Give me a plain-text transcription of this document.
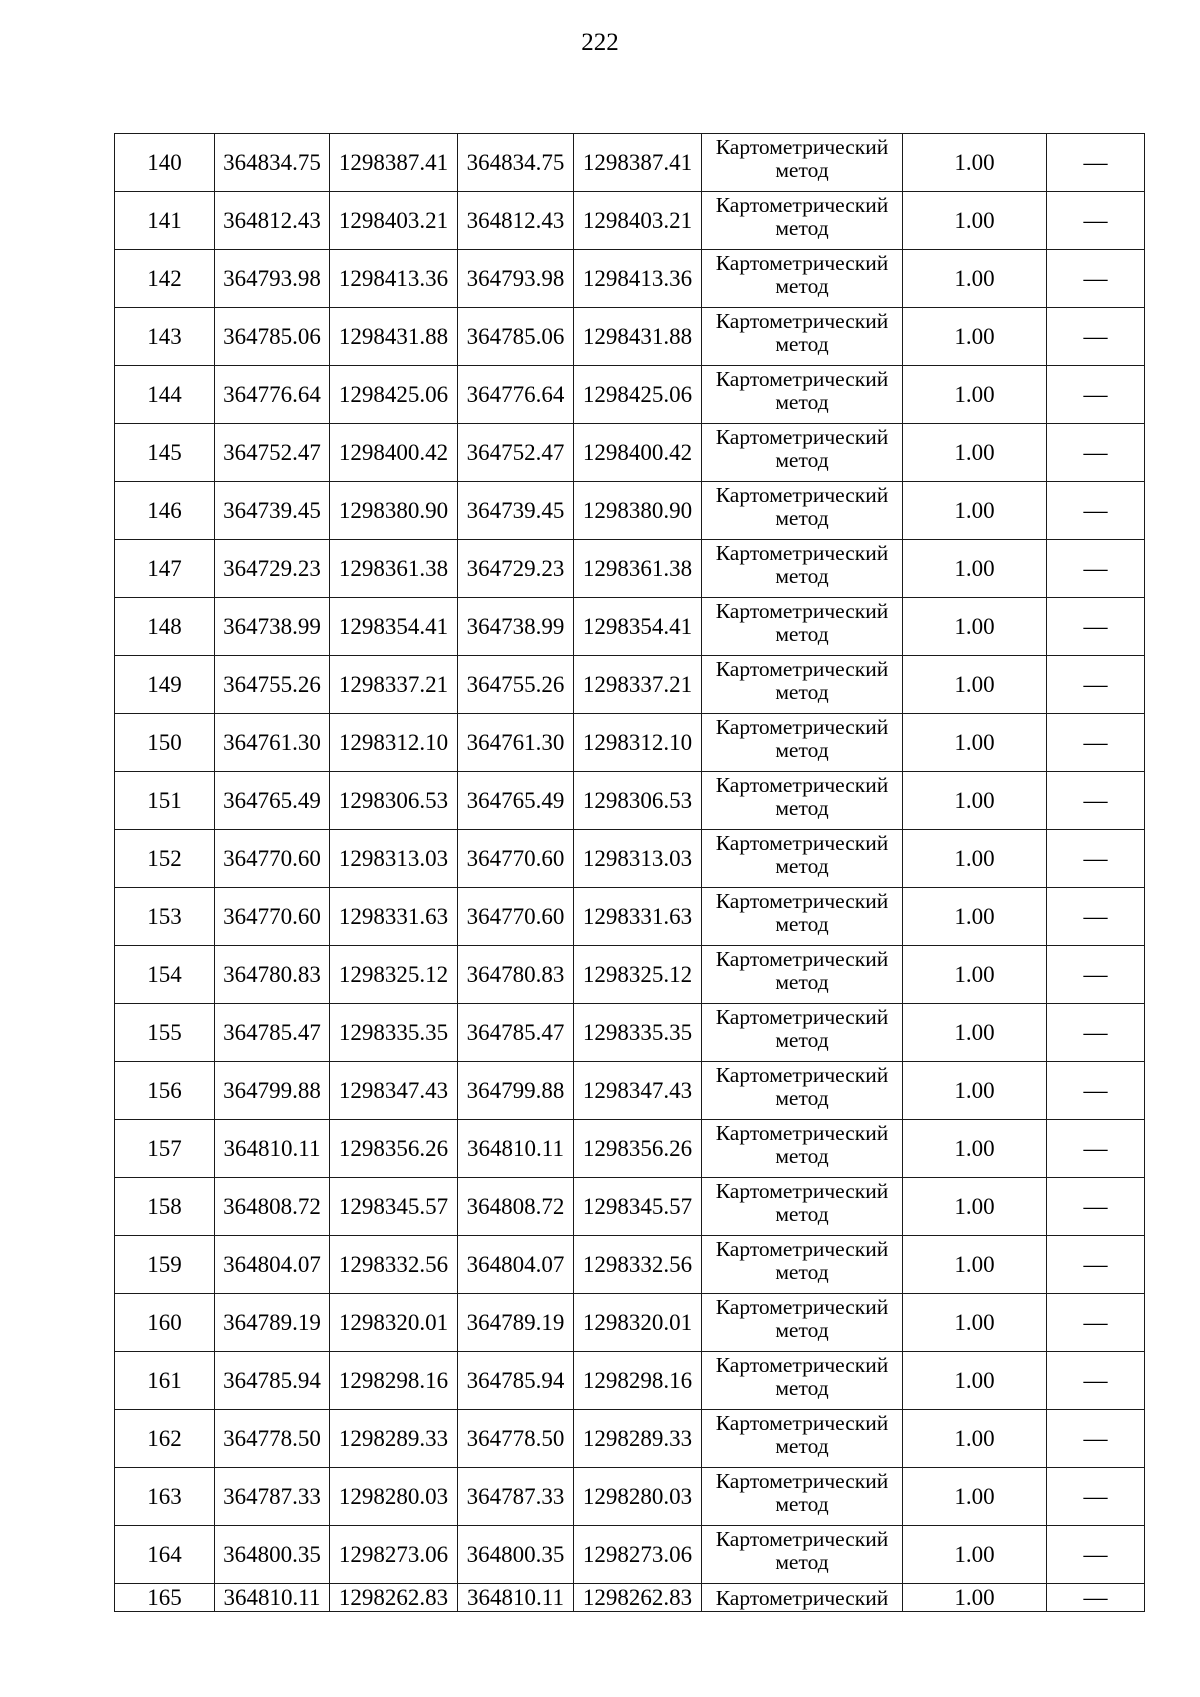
222
140	364834.75	1298387.41	364834.75	1298387.41	Картометрический метод	1.00	—
141	364812.43	1298403.21	364812.43	1298403.21	Картометрический метод	1.00	—
142	364793.98	1298413.36	364793.98	1298413.36	Картометрический метод	1.00	—
143	364785.06	1298431.88	364785.06	1298431.88	Картометрический метод	1.00	—
144	364776.64	1298425.06	364776.64	1298425.06	Картометрический метод	1.00	—
145	364752.47	1298400.42	364752.47	1298400.42	Картометрический метод	1.00	—
146	364739.45	1298380.90	364739.45	1298380.90	Картометрический метод	1.00	—
147	364729.23	1298361.38	364729.23	1298361.38	Картометрический метод	1.00	—
148	364738.99	1298354.41	364738.99	1298354.41	Картометрический метод	1.00	—
149	364755.26	1298337.21	364755.26	1298337.21	Картометрический метод	1.00	—
150	364761.30	1298312.10	364761.30	1298312.10	Картометрический метод	1.00	—
151	364765.49	1298306.53	364765.49	1298306.53	Картометрический метод	1.00	—
152	364770.60	1298313.03	364770.60	1298313.03	Картометрический метод	1.00	—
153	364770.60	1298331.63	364770.60	1298331.63	Картометрический метод	1.00	—
154	364780.83	1298325.12	364780.83	1298325.12	Картометрический метод	1.00	—
155	364785.47	1298335.35	364785.47	1298335.35	Картометрический метод	1.00	—
156	364799.88	1298347.43	364799.88	1298347.43	Картометрический метод	1.00	—
157	364810.11	1298356.26	364810.11	1298356.26	Картометрический метод	1.00	—
158	364808.72	1298345.57	364808.72	1298345.57	Картометрический метод	1.00	—
159	364804.07	1298332.56	364804.07	1298332.56	Картометрический метод	1.00	—
160	364789.19	1298320.01	364789.19	1298320.01	Картометрический метод	1.00	—
161	364785.94	1298298.16	364785.94	1298298.16	Картометрический метод	1.00	—
162	364778.50	1298289.33	364778.50	1298289.33	Картометрический метод	1.00	—
163	364787.33	1298280.03	364787.33	1298280.03	Картометрический метод	1.00	—
164	364800.35	1298273.06	364800.35	1298273.06	Картометрический метод	1.00	—
165	364810.11	1298262.83	364810.11	1298262.83	Картометрический	1.00	—
